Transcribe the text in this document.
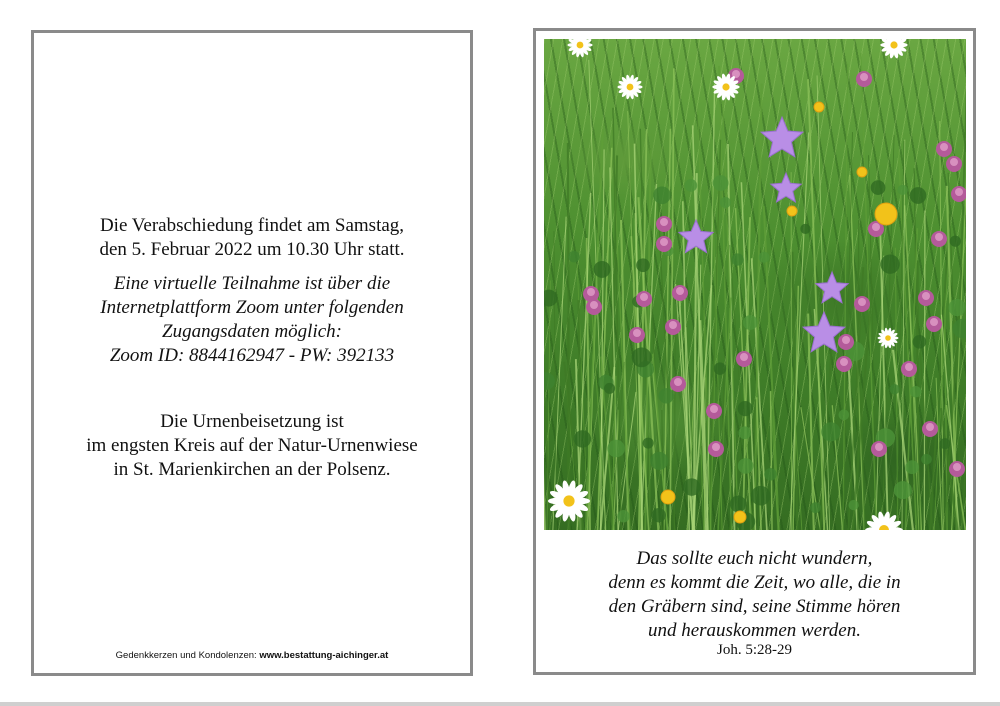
Die Verabschiedung findet am Samstag,
den 5. Februar 2022 um 10.30 Uhr statt.
Eine virtuelle Teilnahme ist über die
Internetplattform Zoom unter folgenden
Zugangsdaten möglich:
Zoom ID: 8844162947 - PW: 392133
Die Urnenbeisetzung ist
im engsten Kreis auf der Natur-Urnenwiese
in St. Marienkirchen an der Polsenz.
Gedenkkerzen und Kondolenzen: www.bestattung-aichinger.at
Das sollte euch nicht wundern,
denn es kommt die Zeit, wo alle, die in
den Gräbern sind, seine Stimme hören
und herauskommen werden.
Joh. 5:28-29
